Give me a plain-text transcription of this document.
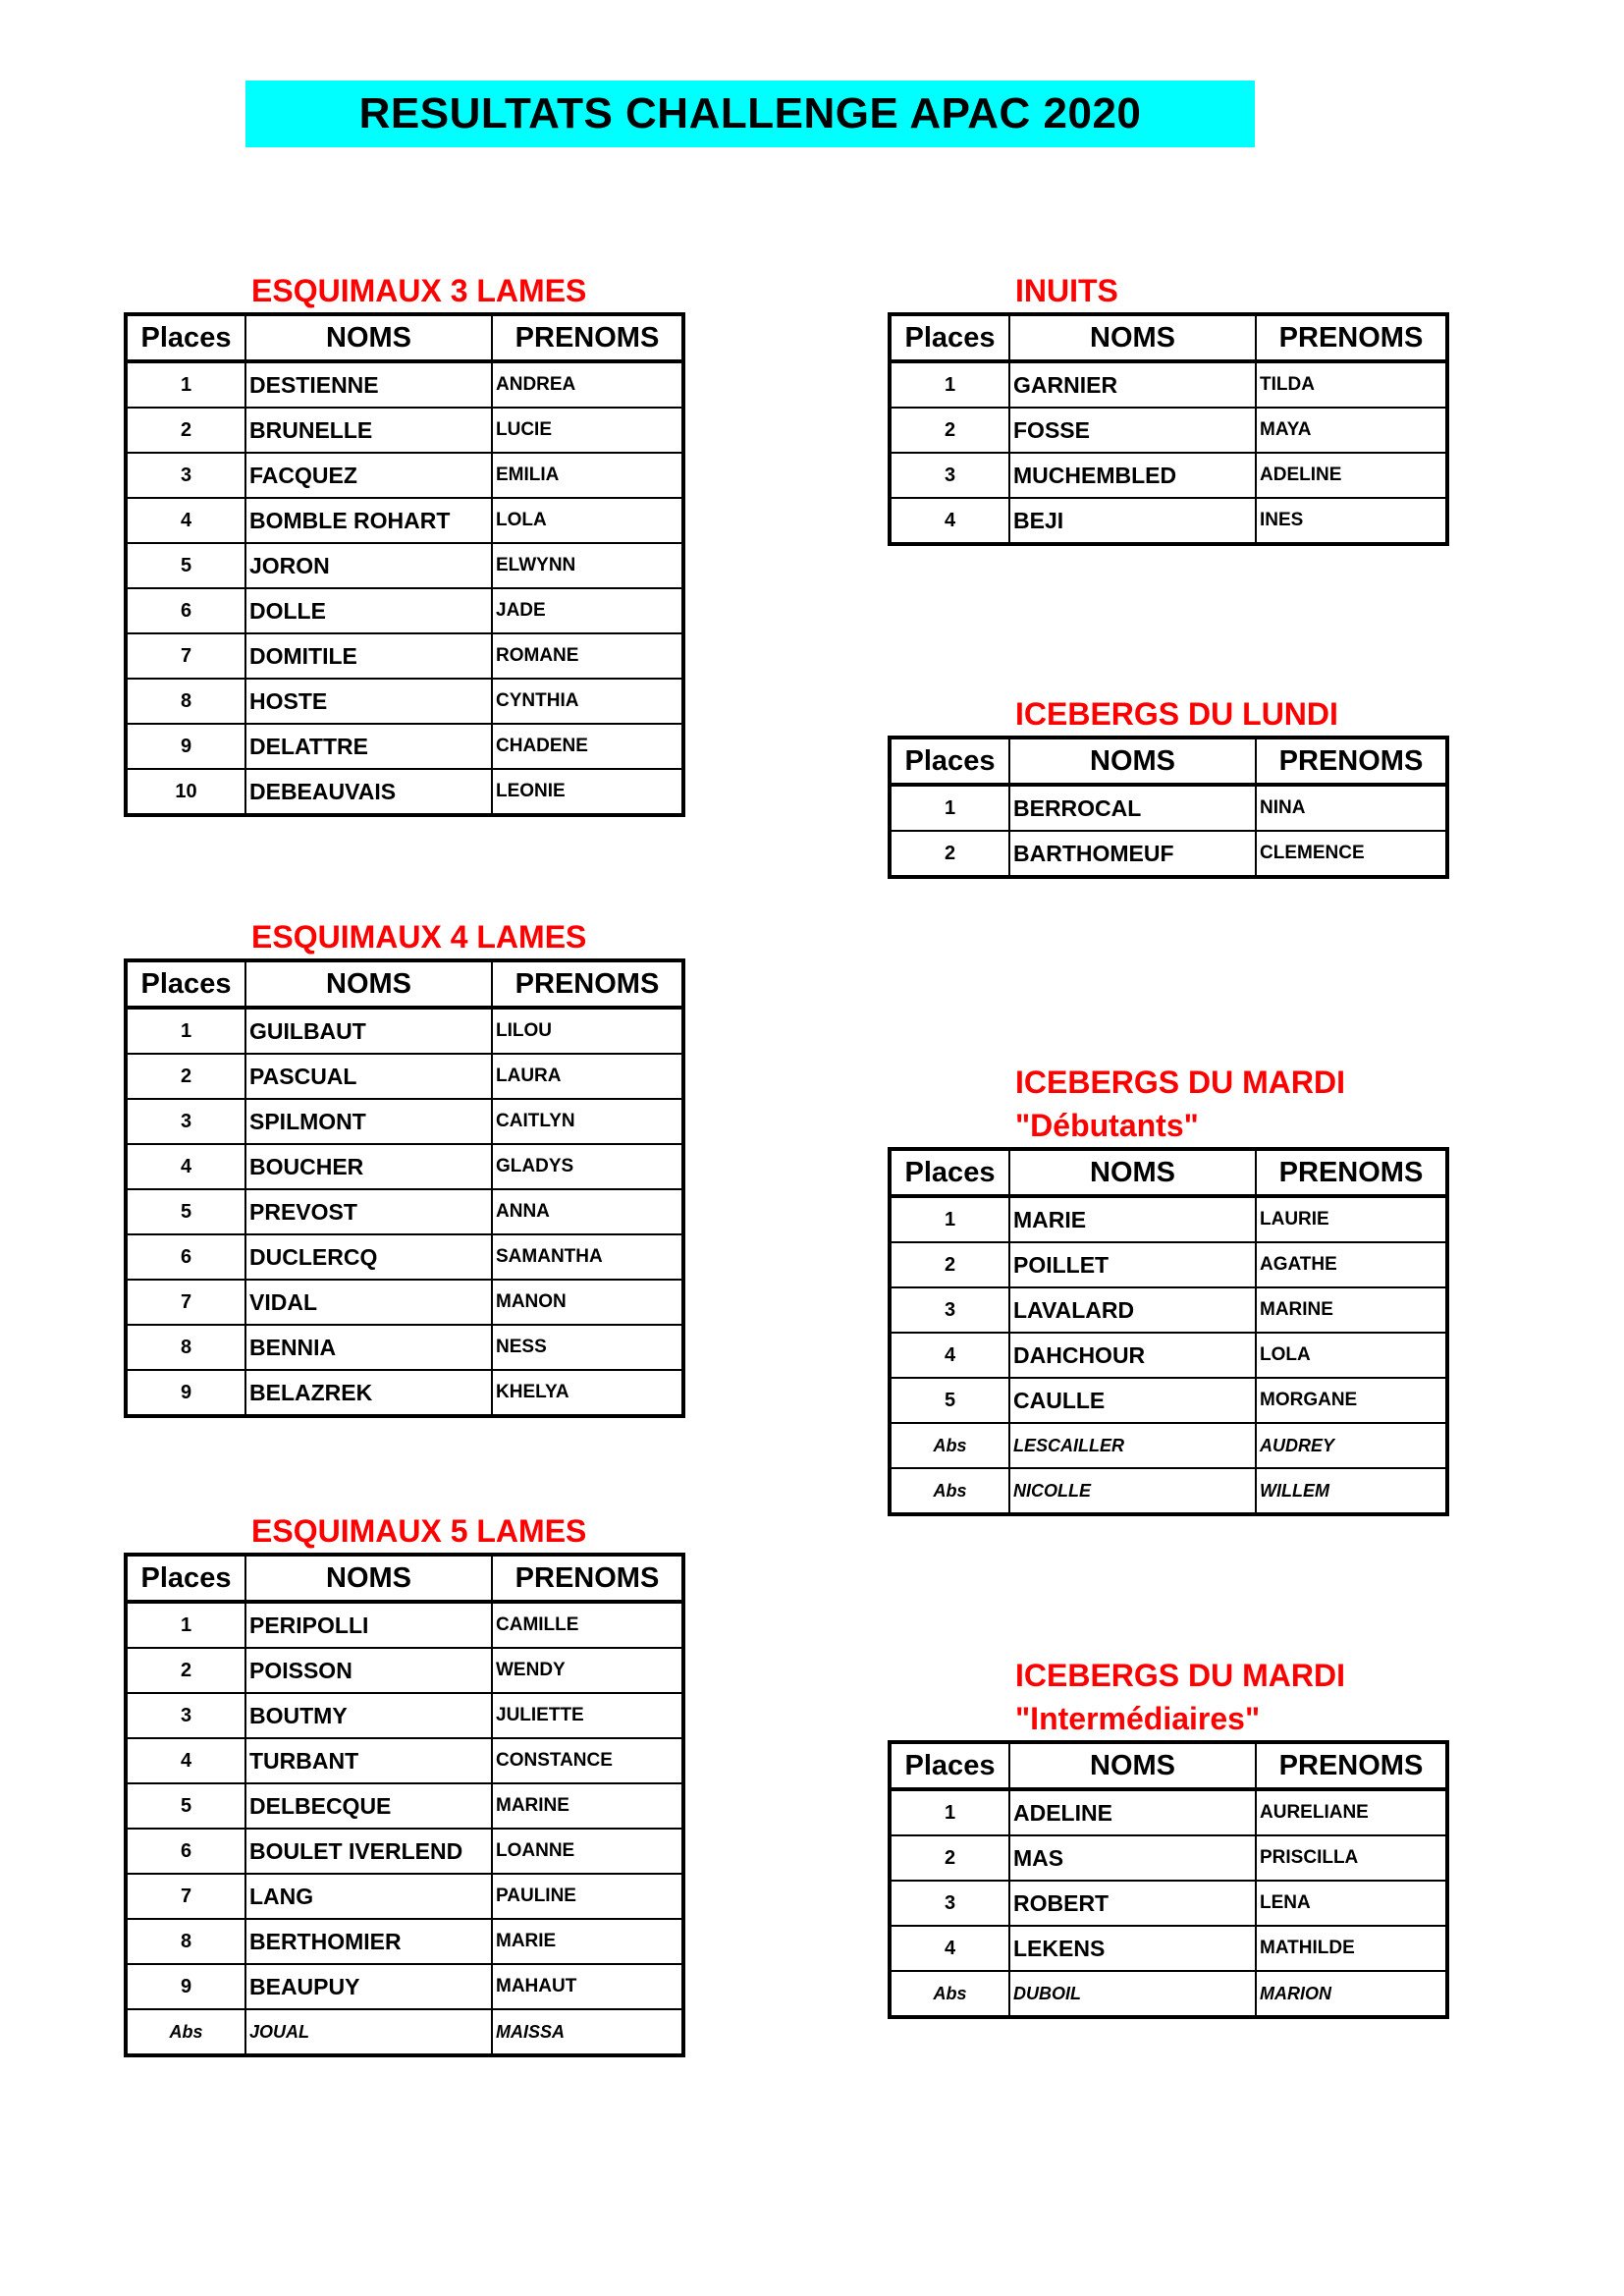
RESULTATS CHALLENGE APAC 2020
ESQUIMAUX 3 LAMES
Places	NOMS	PRENOMS
1	DESTIENNE	ANDREA
2	BRUNELLE	LUCIE
3	FACQUEZ	EMILIA
4	BOMBLE ROHART	LOLA
5	JORON	ELWYNN
6	DOLLE	JADE
7	DOMITILE	ROMANE
8	HOSTE	CYNTHIA
9	DELATTRE	CHADENE
10	DEBEAUVAIS	LEONIE
INUITS
Places	NOMS	PRENOMS
1	GARNIER	TILDA
2	FOSSE	MAYA
3	MUCHEMBLED	ADELINE
4	BEJI	INES
ICEBERGS DU LUNDI
Places	NOMS	PRENOMS
1	BERROCAL	NINA
2	BARTHOMEUF	CLEMENCE
ESQUIMAUX 4 LAMES
Places	NOMS	PRENOMS
1	GUILBAUT	LILOU
2	PASCUAL	LAURA
3	SPILMONT	CAITLYN
4	BOUCHER	GLADYS
5	PREVOST	ANNA
6	DUCLERCQ	SAMANTHA
7	VIDAL	MANON
8	BENNIA	NESS
9	BELAZREK	KHELYA
ICEBERGS DU MARDI
"Débutants"
Places	NOMS	PRENOMS
1	MARIE	LAURIE
2	POILLET	AGATHE
3	LAVALARD	MARINE
4	DAHCHOUR	LOLA
5	CAULLE	MORGANE
Abs	LESCAILLER	AUDREY
Abs	NICOLLE	WILLEM
ESQUIMAUX 5 LAMES
Places	NOMS	PRENOMS
1	PERIPOLLI	CAMILLE
2	POISSON	WENDY
3	BOUTMY	JULIETTE
4	TURBANT	CONSTANCE
5	DELBECQUE	MARINE
6	BOULET IVERLEND	LOANNE
7	LANG	PAULINE
8	BERTHOMIER	MARIE
9	BEAUPUY	MAHAUT
Abs	JOUAL	MAISSA
ICEBERGS DU MARDI
"Intermédiaires"
Places	NOMS	PRENOMS
1	ADELINE	AURELIANE
2	MAS	PRISCILLA
3	ROBERT	LENA
4	LEKENS	MATHILDE
Abs	DUBOIL	MARION
